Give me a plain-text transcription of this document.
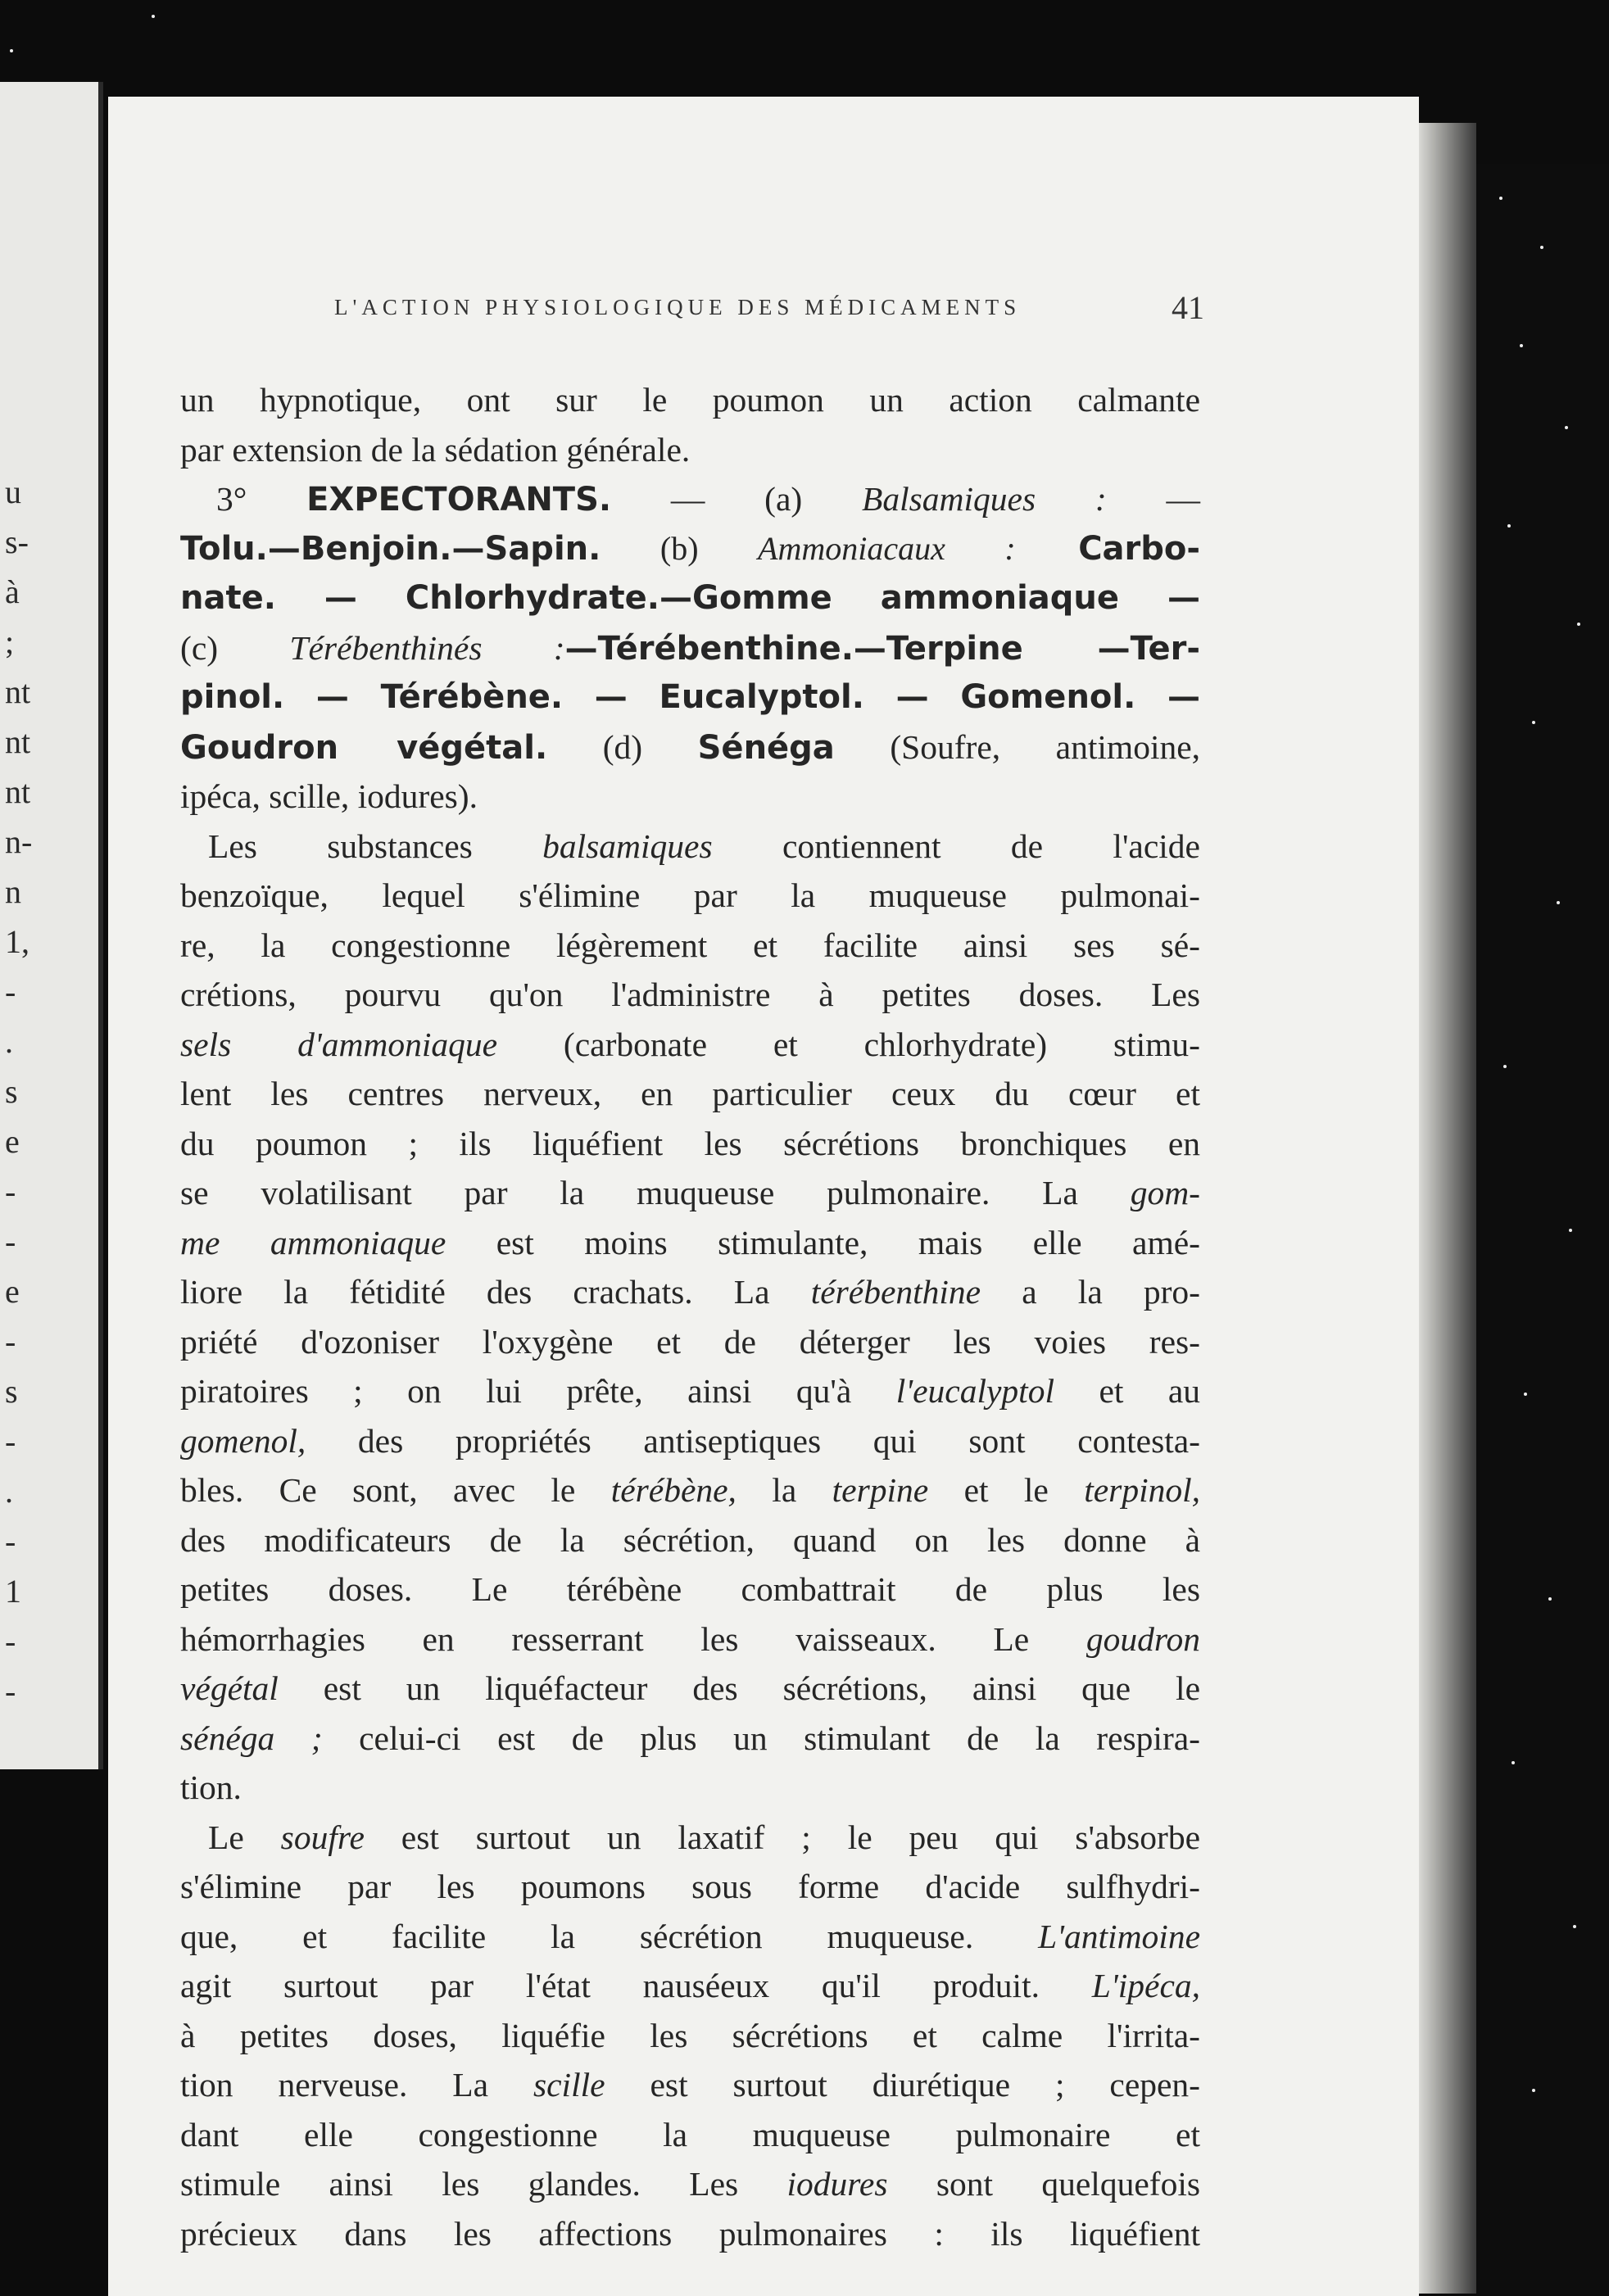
u
s-
à
;
nt
nt
nt
n-
n
1,
-
.
s
e
-
-
e
-
s
-
.
-
1
-
-
L'ACTION PHYSIOLOGIQUE DES MÉDICAMENTS	41
un hypnotique, ont sur le poumon un action calmante
par extension de la sédation générale.
3° EXPECTORANTS. — (a) Balsamiques : —
Tolu.—Benjoin.—Sapin. (b) Ammoniacaux : Carbo-
nate. — Chlorhydrate.—Gomme ammoniaque —
(c) Térébenthinés :—Térébenthine.—Terpine —Ter-
pinol. — Térébène. — Eucalyptol. — Gomenol. —
Goudron végétal. (d) Sénéga (Soufre, antimoine,
ipéca, scille, iodures).
Les substances balsamiques contiennent de l'acide
benzoïque, lequel s'élimine par la muqueuse pulmonai-
re, la congestionne légèrement et facilite ainsi ses sé-
crétions, pourvu qu'on l'administre à petites doses. Les
sels d'ammoniaque (carbonate et chlorhydrate) stimu-
lent les centres nerveux, en particulier ceux du cœur et
du poumon ; ils liquéfient les sécrétions bronchiques en
se volatilisant par la muqueuse pulmonaire. La gom-
me ammoniaque est moins stimulante, mais elle amé-
liore la fétidité des crachats. La térébenthine a la pro-
priété d'ozoniser l'oxygène et de déterger les voies res-
piratoires ; on lui prête, ainsi qu'à l'eucalyptol et au
gomenol, des propriétés antiseptiques qui sont contesta-
bles. Ce sont, avec le térébène, la terpine et le terpinol,
des modificateurs de la sécrétion, quand on les donne à
petites doses. Le térébène combattrait de plus les
hémorrhagies en resserrant les vaisseaux. Le goudron
végétal est un liquéfacteur des sécrétions, ainsi que le
sénéga ; celui-ci est de plus un stimulant de la respira-
tion.
Le soufre est surtout un laxatif ; le peu qui s'absorbe
s'élimine par les poumons sous forme d'acide sulfhydri-
que, et facilite la sécrétion muqueuse. L'antimoine
agit surtout par l'état nauséeux qu'il produit. L'ipéca,
à petites doses, liquéfie les sécrétions et calme l'irrita-
tion nerveuse. La scille est surtout diurétique ; cepen-
dant elle congestionne la muqueuse pulmonaire et
stimule ainsi les glandes. Les iodures sont quelquefois
précieux dans les affections pulmonaires : ils liquéfient
